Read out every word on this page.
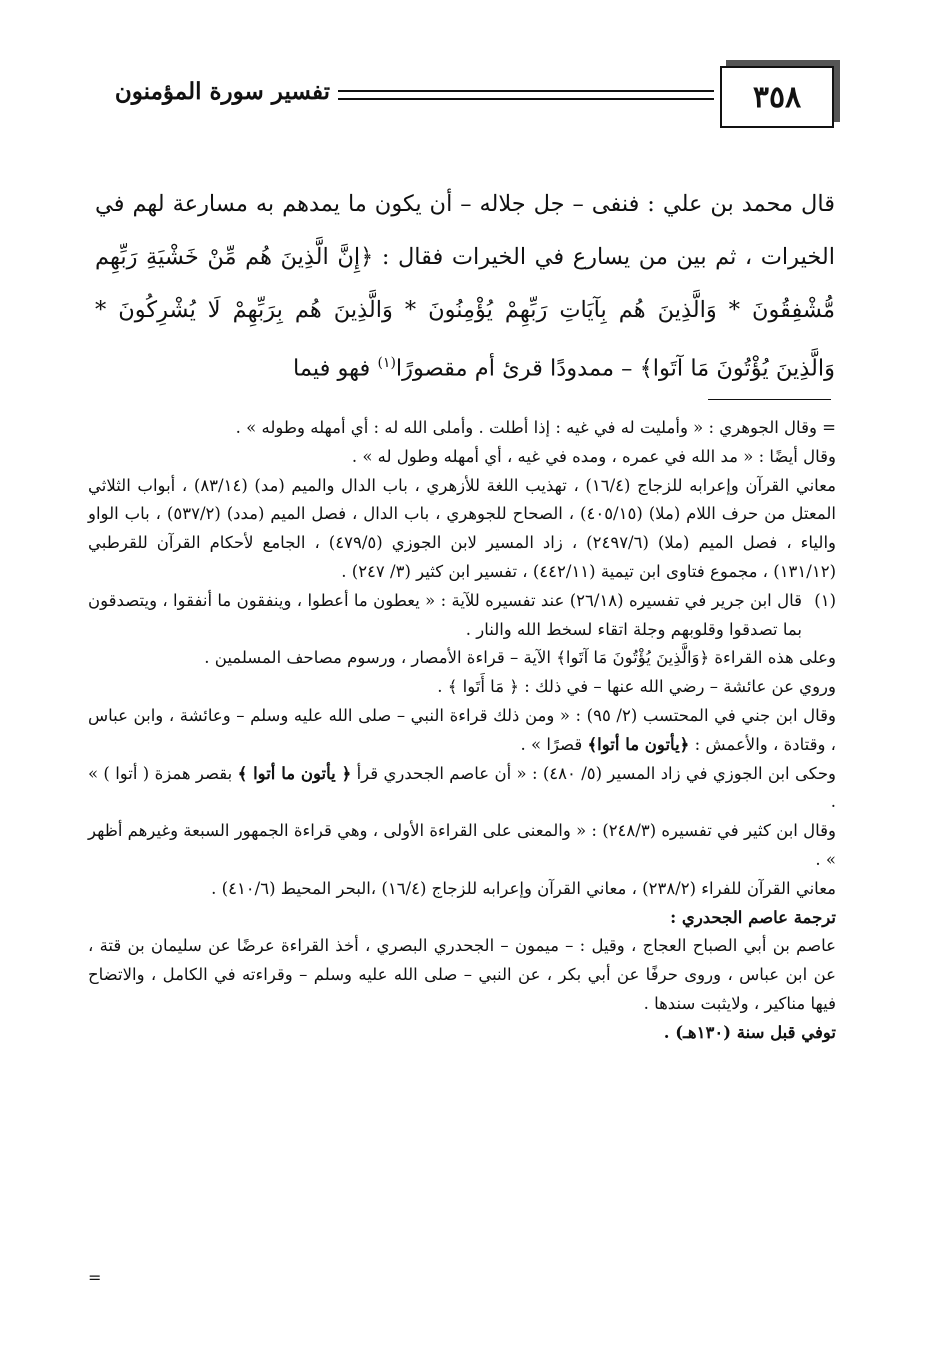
تفسير سورة المؤمنون	٣٥٨

قال محمد بن علي : فنفى – جل جلاله – أن يكون ما يمدهم به مسارعة لهم في الخيرات ، ثم بين من يسارع في الخيرات فقال : ﴿إِنَّ الَّذِينَ هُم مِّنْ خَشْيَةِ رَبِّهِم مُّشْفِقُونَ * وَالَّذِينَ هُم بِآيَاتِ رَبِّهِمْ يُؤْمِنُونَ * وَالَّذِينَ هُم بِرَبِّهِمْ لَا يُشْرِكُونَ * وَالَّذِينَ يُؤْتُونَ مَا آتَوا﴾ – ممدودًا قرئ أم مقصورًا$^{(١)}$ فهو فيما

= وقال الجوهري : « وأمليت له في غيه : إذا أطلت . وأملى الله له : أي أمهله وطوله » .

وقال أيضًا : « مد الله في عمره ، ومده في غيه ، أي أمهله وطول له » .

معاني القرآن وإعرابه للزجاج (١٦/٤) ، تهذيب اللغة للأزهري ، باب الدال والميم (مد) (٨٣/١٤) ، أبواب الثلاثي المعتل من حرف اللام (ملا) (٤٠٥/١٥) ، الصحاح للجوهري ، باب الدال ، فصل الميم (مدد) (٥٣٧/٢) ، باب الواو والياء ، فصل الميم (ملا) (٢٤٩٧/٦) ، زاد المسير لابن الجوزي (٤٧٩/٥) ، الجامع لأحكام القرآن للقرطبي (١٣١/١٢) ، مجموع فتاوى ابن تيمية (٤٤٢/١١) ، تفسير ابن كثير (٣/ ٢٤٧) .

(١)

قال ابن جرير في تفسيره (٢٦/١٨) عند تفسيره للآية : « يعطون ما أعطوا ، وينفقون ما أنفقوا ، ويتصدقون بما تصدقوا وقلوبهم وجلة اتقاء لسخط الله والنار .

وعلى هذه القراءة ﴿وَالَّذِينَ يُؤْتُونَ مَا آتَوا﴾ الآية – قراءة الأمصار ، ورسوم مصاحف المسلمين .

وروي عن عائشة – رضي الله عنها – في ذلك : ﴿ مَا أَتَوا ﴾ .

وقال ابن جني في المحتسب (٢/ ٩٥) : « ومن ذلك قراءة النبي – صلى الله عليه وسلم – وعائشة ، وابن عباس ، وقتادة ، والأعمش : ﴿يأتون ما أتوا﴾ قصرًا » .

وحكى ابن الجوزي في زاد المسير (٥/ ٤٨٠) : « أن عاصم الجحدري قرأ ﴿ يأتون ما أتوا ﴾ بقصر همزة ( أتوا ) » .

وقال ابن كثير في تفسيره (٢٤٨/٣) : « والمعنى على القراءة الأولى ، وهي قراءة الجمهور السبعة وغيرهم أظهر » .

معاني القرآن للفراء (٢٣٨/٢) ، معاني القرآن وإعرابه للزجاج (١٦/٤) ،البحر المحيط (٤١٠/٦) .

ترجمة عاصم الجحدري :

عاصم بن أبي الصباح العجاج ، وقيل : – ميمون – الجحدري البصري ، أخذ القراءة عرضًا عن سليمان بن قتة ، عن ابن عباس ، وروى حرفًا عن أبي بكر ، عن النبي – صلى الله عليه وسلم – وقراءته في الكامل ، والاتضاح فيها مناكير ، ولايثبت سندها .

توفي قبل سنة (١٣٠هـ) .

=
